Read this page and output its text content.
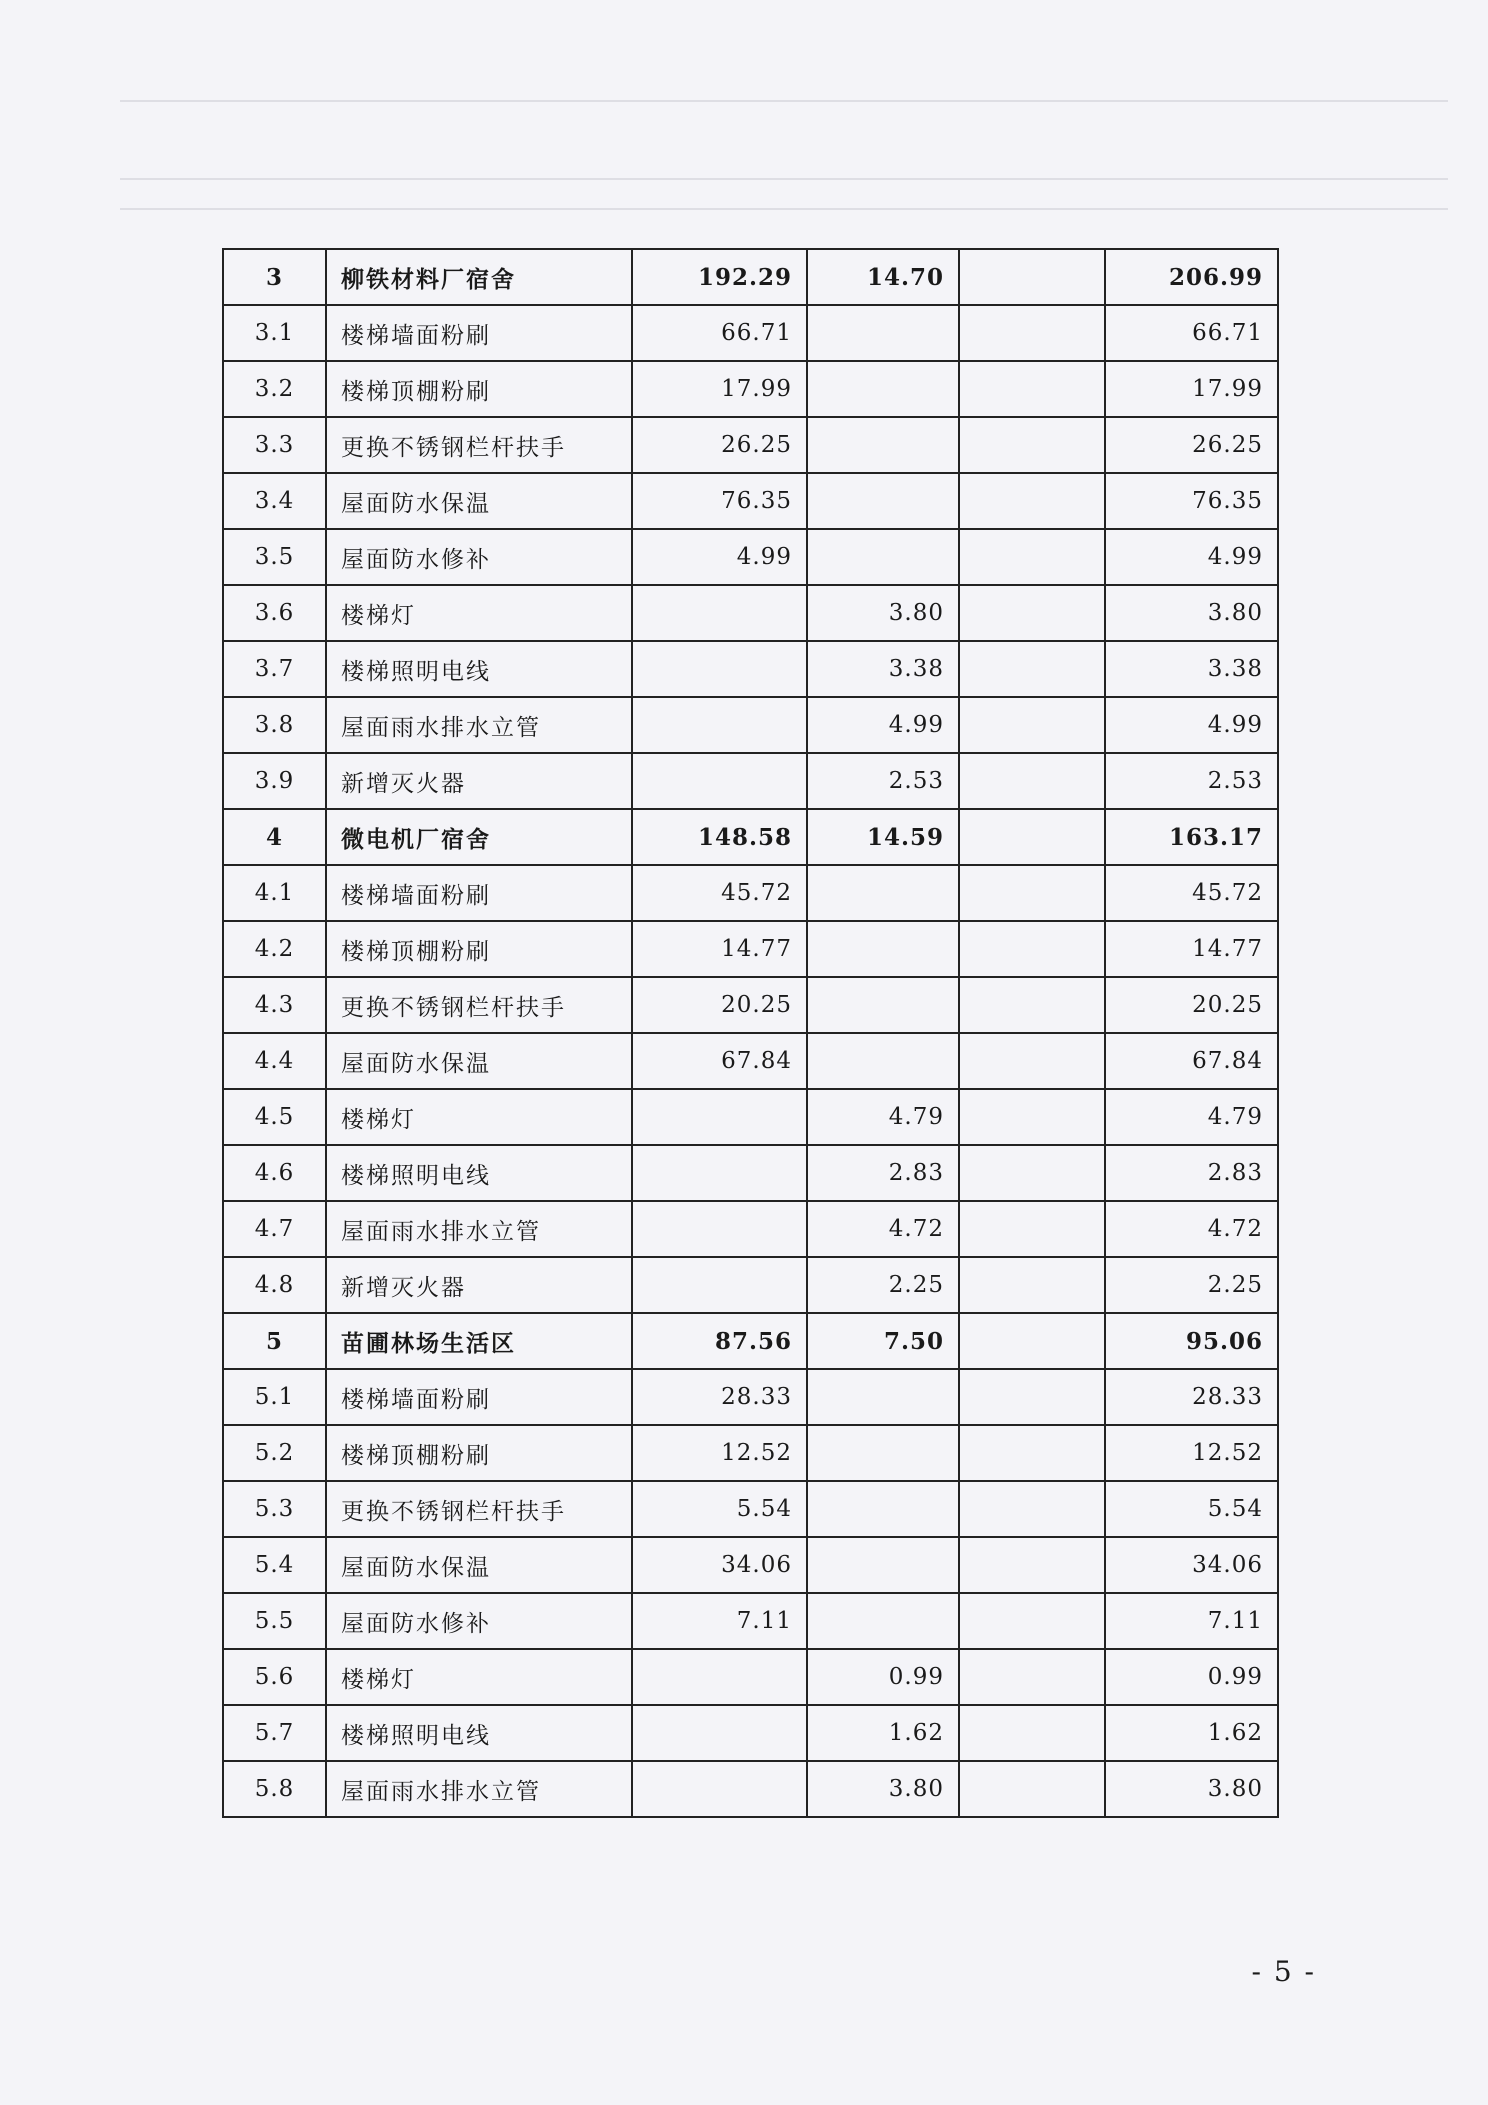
3	柳铁材料厂宿舍	192.29	14.70		206.99
3.1	楼梯墙面粉刷	66.71			66.71
3.2	楼梯顶棚粉刷	17.99			17.99
3.3	更换不锈钢栏杆扶手	26.25			26.25
3.4	屋面防水保温	76.35			76.35
3.5	屋面防水修补	4.99			4.99
3.6	楼梯灯		3.80		3.80
3.7	楼梯照明电线		3.38		3.38
3.8	屋面雨水排水立管		4.99		4.99
3.9	新增灭火器		2.53		2.53
4	微电机厂宿舍	148.58	14.59		163.17
4.1	楼梯墙面粉刷	45.72			45.72
4.2	楼梯顶棚粉刷	14.77			14.77
4.3	更换不锈钢栏杆扶手	20.25			20.25
4.4	屋面防水保温	67.84			67.84
4.5	楼梯灯		4.79		4.79
4.6	楼梯照明电线		2.83		2.83
4.7	屋面雨水排水立管		4.72		4.72
4.8	新增灭火器		2.25		2.25
5	苗圃林场生活区	87.56	7.50		95.06
5.1	楼梯墙面粉刷	28.33			28.33
5.2	楼梯顶棚粉刷	12.52			12.52
5.3	更换不锈钢栏杆扶手	5.54			5.54
5.4	屋面防水保温	34.06			34.06
5.5	屋面防水修补	7.11			7.11
5.6	楼梯灯		0.99		0.99
5.7	楼梯照明电线		1.62		1.62
5.8	屋面雨水排水立管		3.80		3.80
- 5 -
